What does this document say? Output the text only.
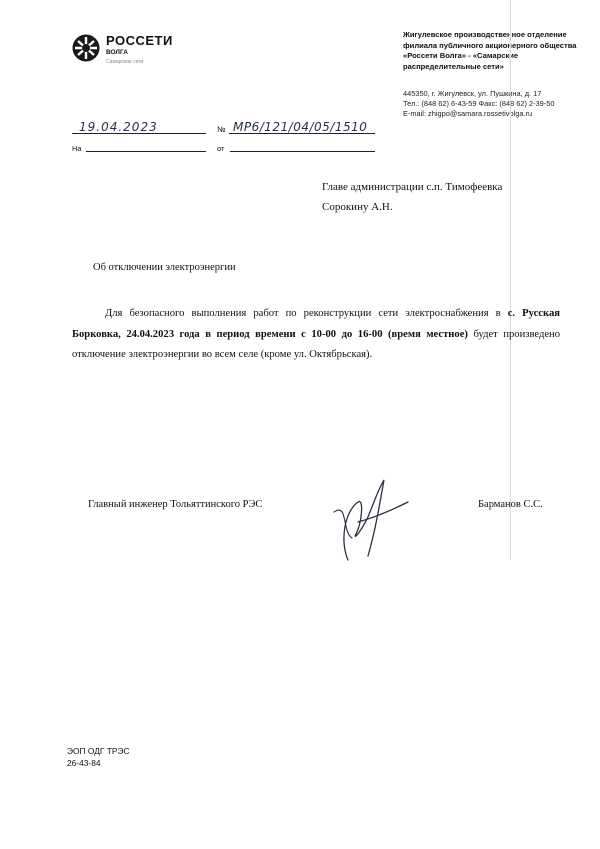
РОССЕТИ
ВОЛГА
Самарские сети
Жигулевское производственное отделение
филиала публичного акционерного общества
«Россети Волга» - «Самарские
распределительные сети»
445350, г. Жигулевск, ул. Пушкина, д. 17
Тел.: (848 62) 6-43-59 Факс: (848 62) 2-39-50
E-mail: zhigpo@samara.rossetivolga.ru
19.04.2023	№ МР6/121/04/05/1510
На	от
Главе администрации с.п. Тимофеевка
Сорокину А.Н.
Об отключении электроэнергии
Для безопасного выполнения работ по реконструкции сети электроснабжения в с. Русская Борковка, 24.04.2023 года в период времени с 10-00 до 16-00 (время местное) будет произведено отключение электроэнергии во всем селе (кроме ул. Октябрьская).
Главный инженер Тольяттинского РЭС	Барманов С.С.
ЭОП ОДГ ТРЭС
26-43-84
